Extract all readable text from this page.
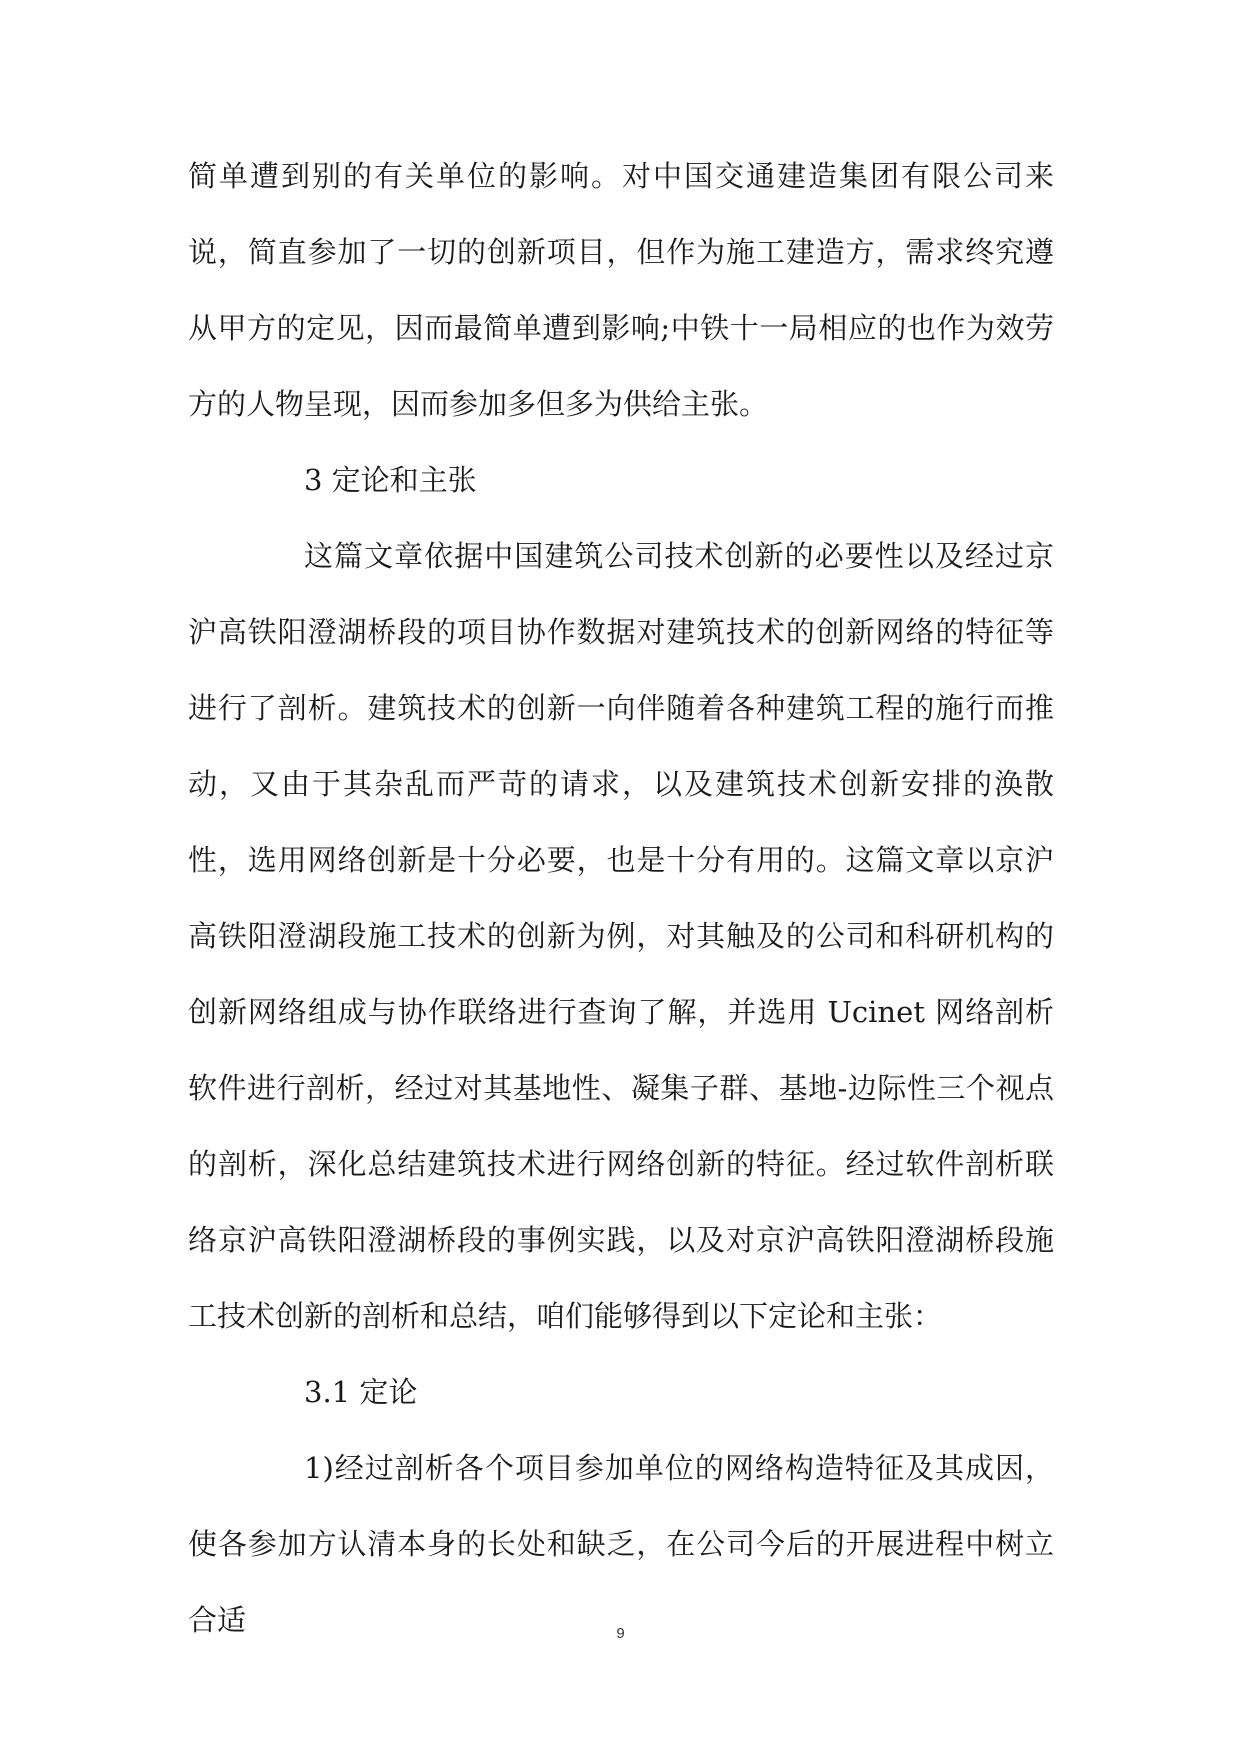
简单遭到别的有关单位的影响。对中国交通建造集团有限公司来说，简直参加了一切的创新项目，但作为施工建造方，需求终究遵从甲方的定见，因而最简单遭到影响;中铁十一局相应的也作为效劳方的人物呈现，因而参加多但多为供给主张。

3 定论和主张

这篇文章依据中国建筑公司技术创新的必要性以及经过京沪高铁阳澄湖桥段的项目协作数据对建筑技术的创新网络的特征等进行了剖析。建筑技术的创新一向伴随着各种建筑工程的施行而推动，又由于其杂乱而严苛的请求，以及建筑技术创新安排的涣散性，选用网络创新是十分必要，也是十分有用的。这篇文章以京沪高铁阳澄湖段施工技术的创新为例，对其触及的公司和科研机构的创新网络组成与协作联络进行查询了解，并选用 Ucinet 网络剖析软件进行剖析，经过对其基地性、凝集子群、基地-边际性三个视点的剖析，深化总结建筑技术进行网络创新的特征。经过软件剖析联络京沪高铁阳澄湖桥段的事例实践，以及对京沪高铁阳澄湖桥段施工技术创新的剖析和总结，咱们能够得到以下定论和主张：

3.1 定论

1)经过剖析各个项目参加单位的网络构造特征及其成因，使各参加方认清本身的长处和缺乏，在公司今后的开展进程中树立合适	9
